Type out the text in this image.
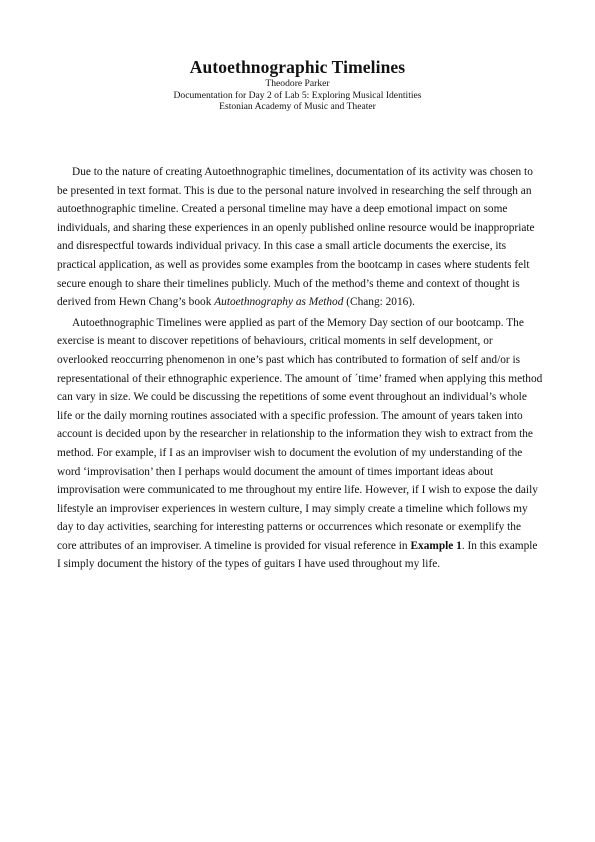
Autoethnographic Timelines
Theodore Parker
Documentation for Day 2 of Lab 5: Exploring Musical Identities
Estonian Academy of Music and Theater

Due to the nature of creating Autoethnographic timelines, documentation of its activity was chosen to be presented in text format. This is due to the personal nature involved in researching the self through an autoethnographic timeline. Created a personal timeline may have a deep emotional impact on some individuals, and sharing these experiences in an openly published online resource would be inappropriate and disrespectful towards individual privacy. In this case a small article documents the exercise, its practical application, as well as provides some examples from the bootcamp in cases where students felt secure enough to share their timelines publicly. Much of the method’s theme and context of thought is derived from Hewn Chang’s book Autoethnography as Method (Chang: 2016).

Autoethnographic Timelines were applied as part of the Memory Day section of our bootcamp. The exercise is meant to discover repetitions of behaviours, critical moments in self development, or overlooked reoccurring phenomenon in one’s past which has contributed to formation of self and/or is representational of their ethnographic experience. The amount of ´time’ framed when applying this method can vary in size. We could be discussing the repetitions of some event throughout an individual’s whole life or the daily morning routines associated with a specific profession. The amount of years taken into account is decided upon by the researcher in relationship to the information they wish to extract from the method. For example, if I as an improviser wish to document the evolution of my understanding of the word ‘improvisation’ then I perhaps would document the amount of times important ideas about improvisation were communicated to me throughout my entire life. However, if I wish to expose the daily lifestyle an improviser experiences in western culture, I may simply create a timeline which follows my day to day activities, searching for interesting patterns or occurrences which resonate or exemplify the core attributes of an improviser. A timeline is provided for visual reference in Example 1. In this example I simply document the history of the types of guitars I have used throughout my life.
